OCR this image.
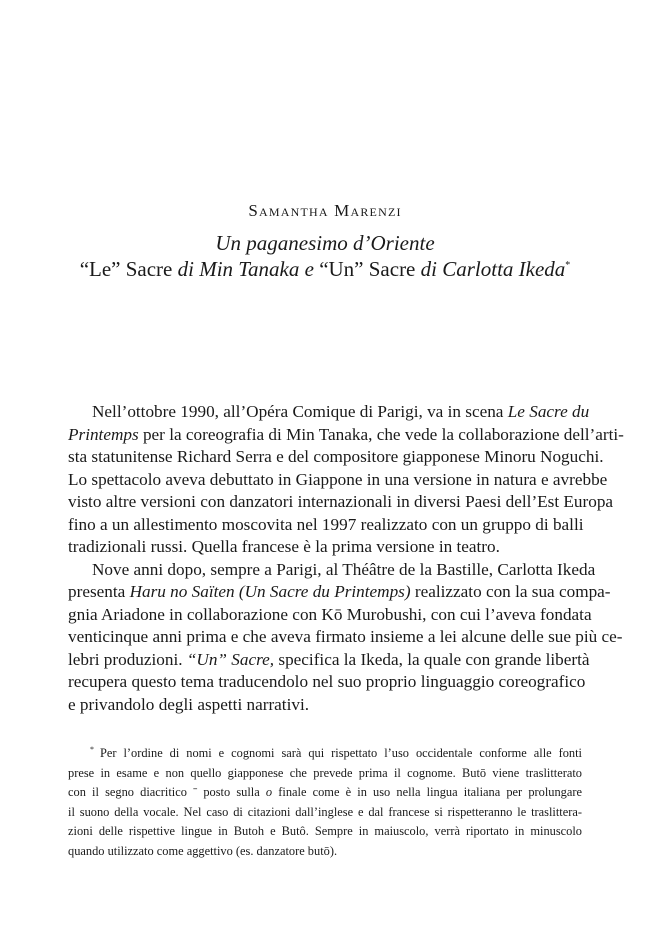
Samantha Marenzi
Un paganesimo d’Oriente
“Le” Sacre di Min Tanaka e “Un” Sacre di Carlotta Ikeda*
Nell’ottobre 1990, all’Opéra Comique di Parigi, va in scena Le Sacre du
Printemps per la coreografia di Min Tanaka, che vede la collaborazione dell’arti-
sta statunitense Richard Serra e del compositore giapponese Minoru Noguchi.
Lo spettacolo aveva debuttato in Giappone in una versione in natura e avrebbe
visto altre versioni con danzatori internazionali in diversi Paesi dell’Est Europa
fino a un allestimento moscovita nel 1997 realizzato con un gruppo di balli
tradizionali russi. Quella francese è la prima versione in teatro.
Nove anni dopo, sempre a Parigi, al Théâtre de la Bastille, Carlotta Ikeda
presenta Haru no Saïten (Un Sacre du Printemps) realizzato con la sua compa-
gnia Ariadone in collaborazione con Kō Murobushi, con cui l’aveva fondata
venticinque anni prima e che aveva firmato insieme a lei alcune delle sue più ce-
lebri produzioni. “Un” Sacre, specifica la Ikeda, la quale con grande libertà
recupera questo tema traducendolo nel suo proprio linguaggio coreografico
e privandolo degli aspetti narrativi.
* Per l’ordine di nomi e cognomi sarà qui rispettato l’uso occidentale conforme alle fonti
prese in esame e non quello giapponese che prevede prima il cognome. Butō viene traslitterato
con il segno diacritico ˉ posto sulla o finale come è in uso nella lingua italiana per prolungare
il suono della vocale. Nel caso di citazioni dall’inglese e dal francese si rispetteranno le traslittera-
zioni delle rispettive lingue in Butoh e Butô. Sempre in maiuscolo, verrà riportato in minuscolo
quando utilizzato come aggettivo (es. danzatore butō).
